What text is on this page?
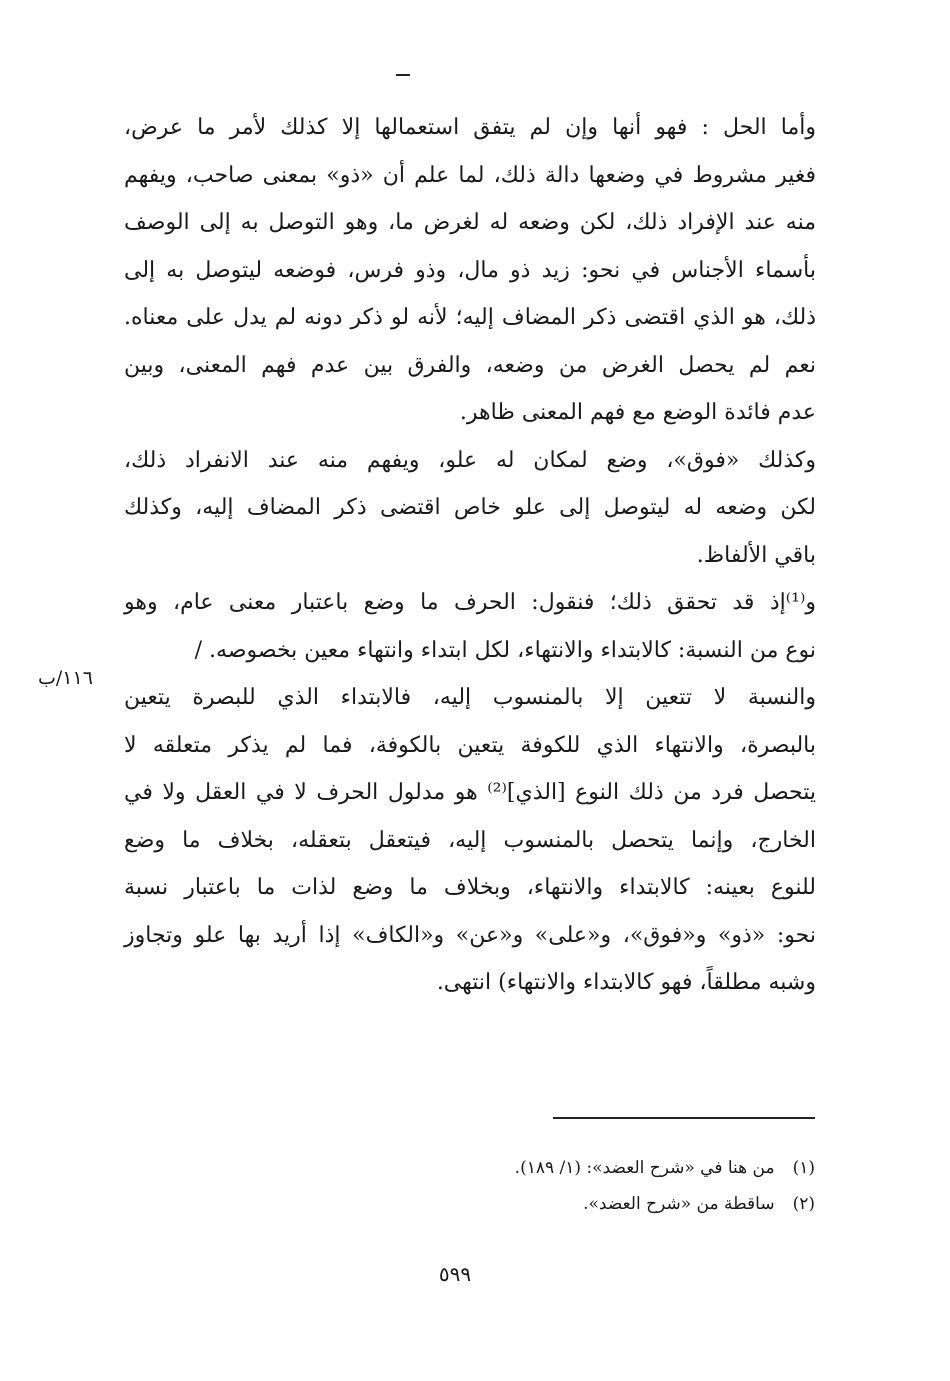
وأما الحل : فهو أنها وإن لم يتفق استعمالها إلا كذلك لأمر ما عرض،
فغير مشروط في وضعها دالة ذلك، لما علم أن «ذو» بمعنى صاحب، ويفهم
منه عند الإفراد ذلك، لكن وضعه له لغرض ما، وهو التوصل به إلى الوصف
بأسماء الأجناس في نحو: زيد ذو مال، وذو فرس، فوضعه ليتوصل به إلى
ذلك، هو الذي اقتضى ذكر المضاف إليه؛ لأنه لو ذكر دونه لم يدل على معناه.
نعم لم يحصل الغرض من وضعه، والفرق بين عدم فهم المعنى، وبين
عدم فائدة الوضع مع فهم المعنى ظاهر.
وكذلك «فوق»، وضع لمكان له علو، ويفهم منه عند الانفراد ذلك،
لكن وضعه له ليتوصل إلى علو خاص اقتضى ذكر المضاف إليه، وكذلك
باقي الألفاظ.
و⁽¹⁾إذ قد تحقق ذلك؛ فنقول: الحرف ما وضع باعتبار معنى عام، وهو
نوع من النسبة: كالابتداء والانتهاء، لكل ابتداء وانتهاء معين بخصوصه. /
والنسبة لا تتعين إلا بالمنسوب إليه، فالابتداء الذي للبصرة يتعين
بالبصرة، والانتهاء الذي للكوفة يتعين بالكوفة، فما لم يذكر متعلقه لا
يتحصل فرد من ذلك النوع [الذي]⁽²⁾ هو مدلول الحرف لا في العقل ولا في
الخارج، وإنما يتحصل بالمنسوب إليه، فيتعقل بتعقله، بخلاف ما وضع
للنوع بعينه: كالابتداء والانتهاء، وبخلاف ما وضع لذات ما باعتبار نسبة
نحو: «ذو» و«فوق»، و«على» و«عن» و«الكاف» إذا أريد بها علو وتجاوز
وشبه مطلقاً، فهو كالابتداء والانتهاء) انتهى.
١١٦/ب
(١)من هنا في «شرح العضد»: (١/ ١٨٩).
(٢)ساقطة من «شرح العضد».
٥٩٩
